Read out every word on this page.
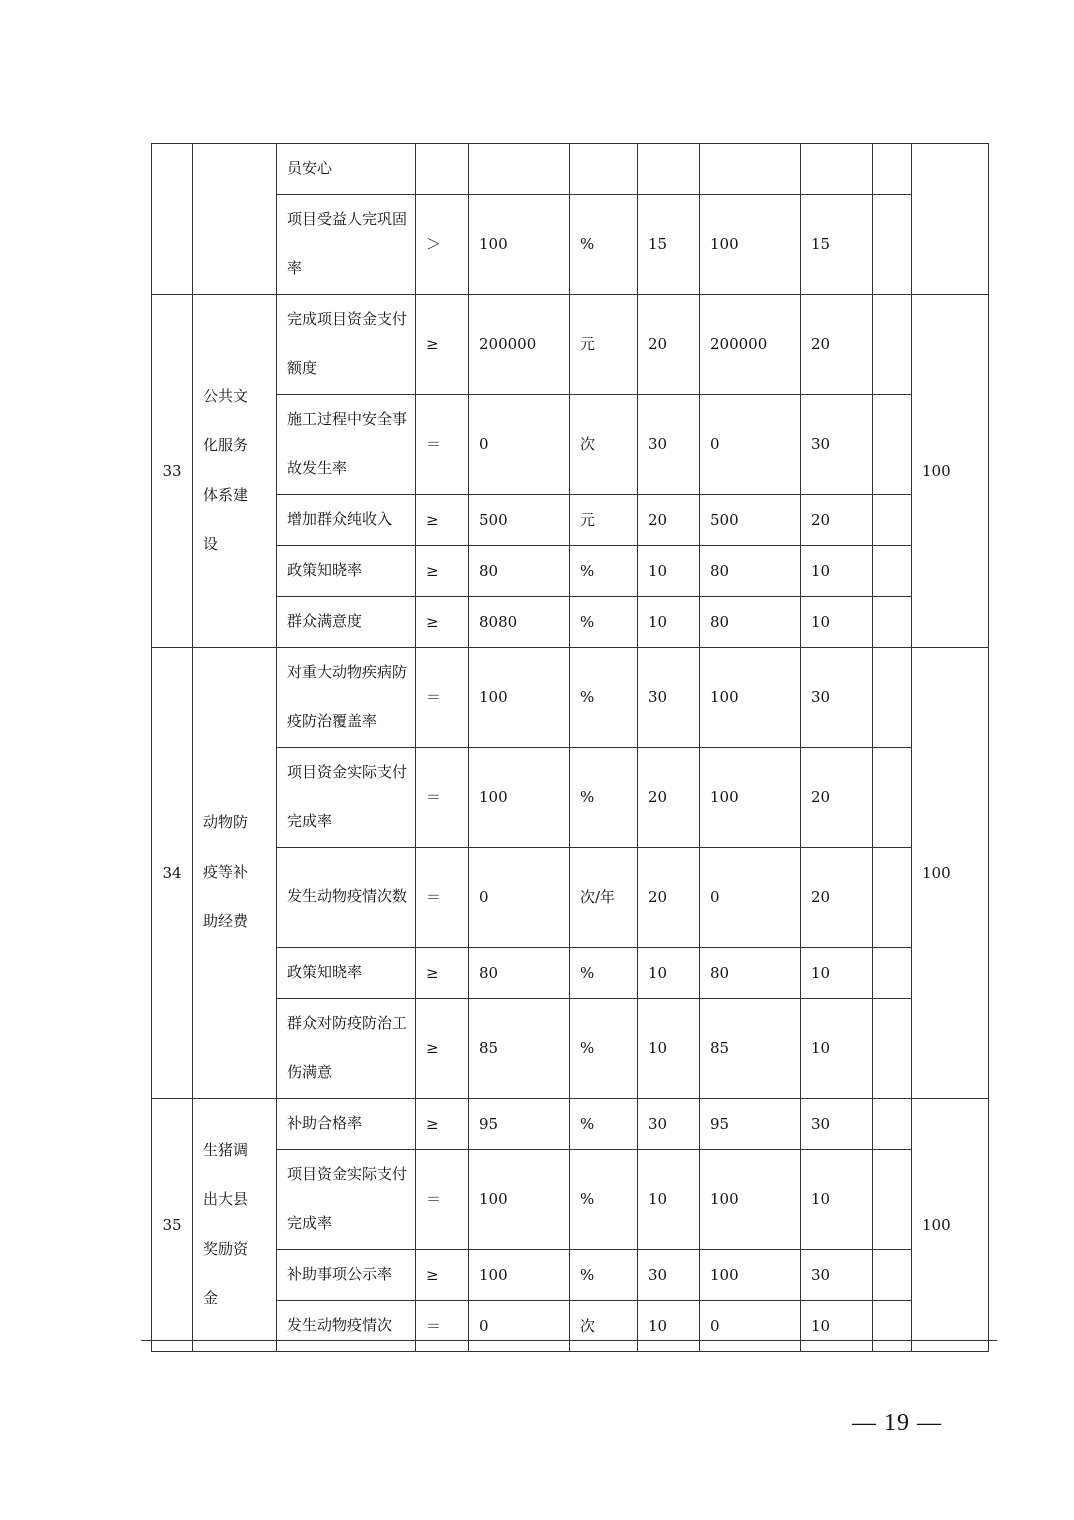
		员安心								
		项目受益人完巩固率	＞	100	%	15	100	15		
33	公共文化服务体系建设	完成项目资金支付额度	≥	200000	元	20	200000	20		100
		施工过程中安全事故发生率	＝	0	次	30	0	30		
		增加群众纯收入	≥	500	元	20	500	20		
		政策知晓率	≥	80	%	10	80	10		
		群众满意度	≥	8080	%	10	80	10		
34	动物防疫等补助经费	对重大动物疾病防疫防治覆盖率	＝	100	%	30	100	30		100
		项目资金实际支付完成率	＝	100	%	20	100	20		
		发生动物疫情次数	＝	0	次/年	20	0	20		
		政策知晓率	≥	80	%	10	80	10		
		群众对防疫防治工伤满意	≥	85	%	10	85	10		
35	生猪调出大县奖励资金	补助合格率	≥	95	%	30	95	30		100
		项目资金实际支付完成率	＝	100	%	10	100	10		
		补助事项公示率	≥	100	%	30	100	30		
		发生动物疫情次	＝	0	次	10	0	10		
— 19 —
